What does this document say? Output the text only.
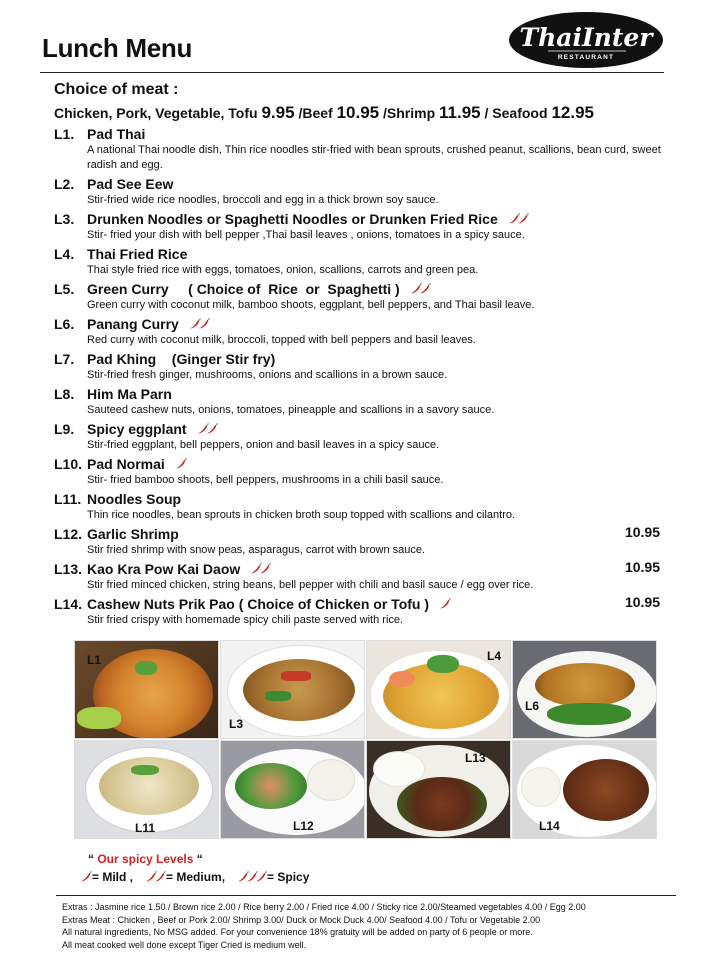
Lunch Menu	ThaiInter
RESTAURANT
Choice of meat :
Chicken, Pork, Vegetable, Tofu 9.95 /Beef 10.95 /Shrimp 11.95 / Seafood 12.95
L1. Pad Thai
A national Thai noodle dish, Thin rice noodles stir-fried with bean sprouts, crushed peanut, scallions, bean curd, sweet radish and egg.
L2. Pad See Eew
Stir-fried wide rice noodles, broccoli and egg in a thick brown soy sauce.
L3. Drunken Noodles or Spaghetti Noodles or Drunken Fried Rice
Stir- fried your dish with bell pepper ,Thai basil leaves , onions, tomatoes in a spicy sauce.
L4. Thai Fried Rice
Thai style fried rice with eggs, tomatoes, onion, scallions, carrots and green pea.
L5. Green Curry     ( Choice of  Rice  or  Spaghetti )
Green curry with coconut milk, bamboo shoots, eggplant, bell peppers, and Thai basil leave.
L6. Panang Curry
Red curry with coconut milk, broccoli, topped with bell peppers and basil leaves.
L7. Pad Khing    (Ginger Stir fry)
Stir-fried fresh ginger, mushrooms, onions and scallions in a brown sauce.
L8. Him Ma Parn
Sauteed cashew nuts, onions, tomatoes, pineapple and scallions in a savory sauce.
L9. Spicy eggplant
Stir-fried eggplant, bell peppers, onion and basil leaves in a spicy sauce.
L10. Pad Normai
Stir- fried bamboo shoots, bell peppers, mushrooms in a chili basil sauce.
L11. Noodles Soup
Thin rice noodles, bean sprouts in chicken broth soup topped with scallions and cilantro.
L12. Garlic Shrimp	10.95
Stir fried shrimp with snow peas, asparagus, carrot with brown sauce.
L13. Kao Kra Pow Kai Daow	10.95
Stir fried minced chicken, string beans, bell pepper with chili and basil sauce / egg over rice.
L14. Cashew Nuts Prik Pao ( Choice of Chicken or Tofu )	10.95
Stir fried crispy with homemade spicy chili paste served with rice.
L1
L3
L4
L6
L11	L12
L13
L14
“ Our spicy Levels “
= Mild ,	= Medium,	= Spicy
Extras : Jasmine rice 1.50 / Brown rice 2.00 / Rice berry 2.00 / Fried rice 4.00 / Sticky rice 2.00/Steamed vegetables 4.00 / Egg 2.00
Extras Meat : Chicken , Beef or Pork 2.00/ Shrimp 3.00/ Duck or Mock Duck 4.00/ Seafood 4.00 / Tofu or Vegetable 2.00
All natural ingredients, No MSG added. For your convenience 18% gratuity will be added on party of 6 people or more.
All meat cooked well done except Tiger Cried is medium well.
